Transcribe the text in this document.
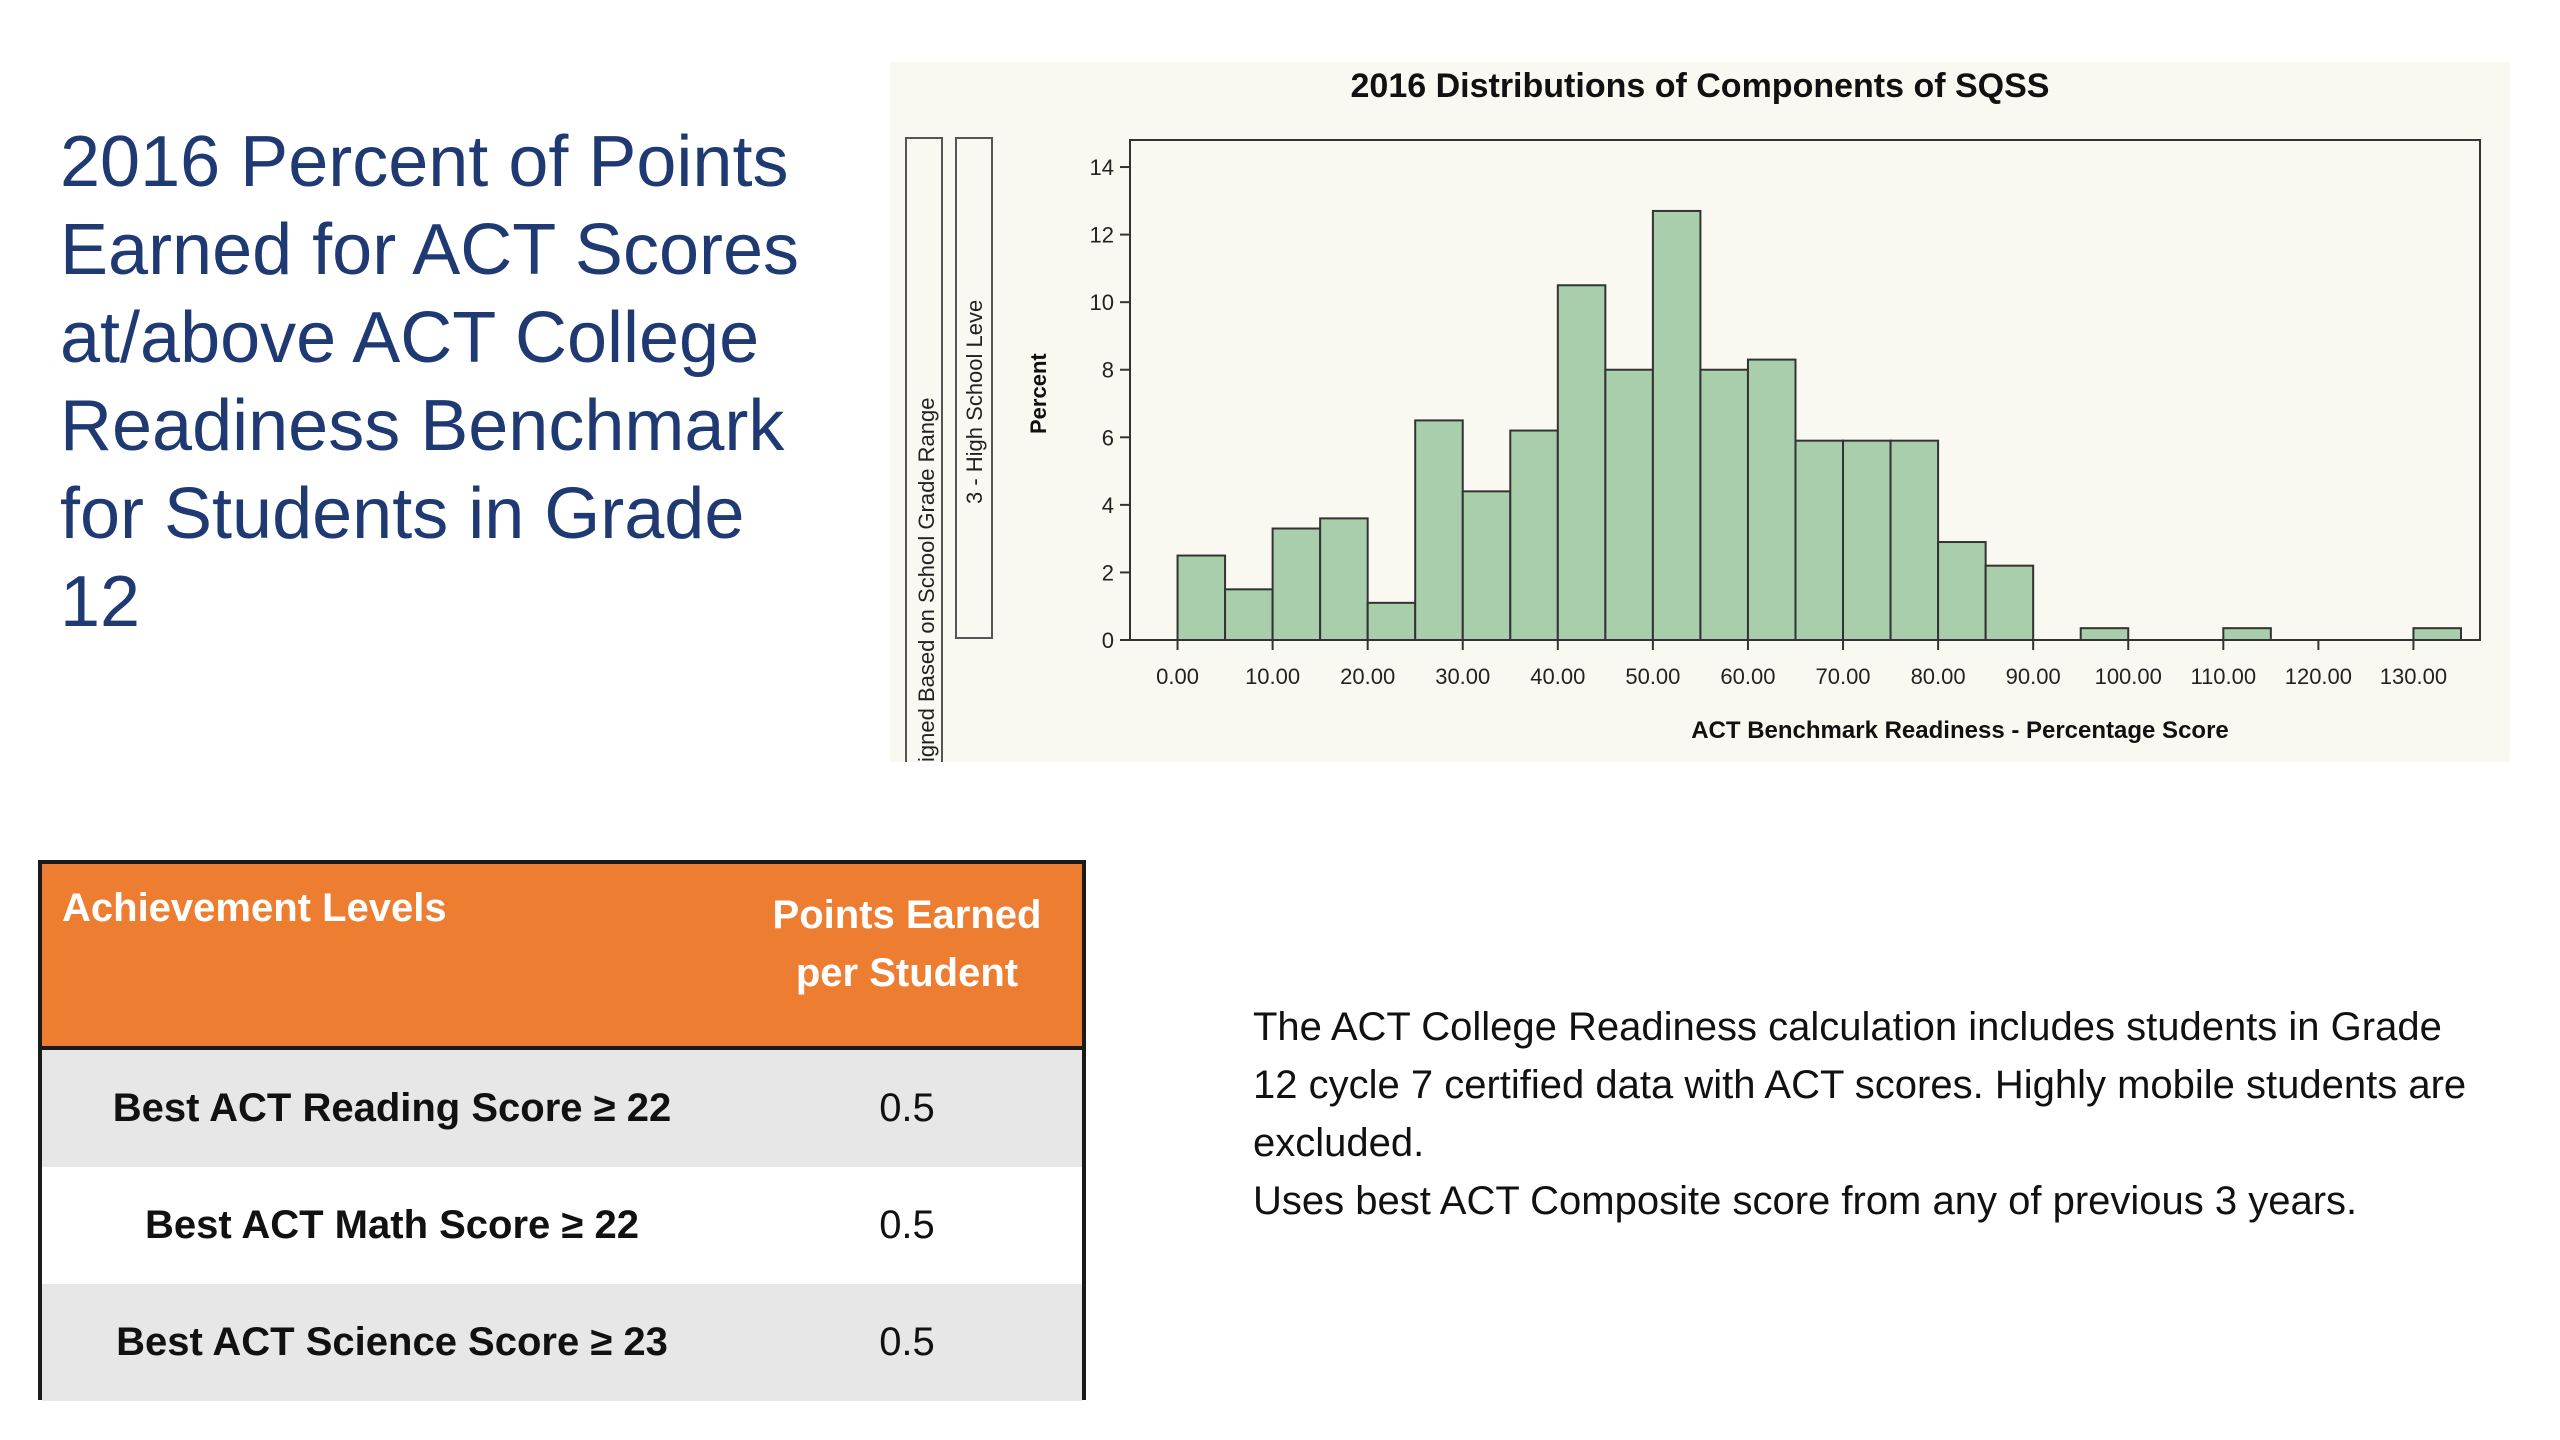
2016 Percent of Points
Earned for ACT Scores
at/above ACT College
Readiness Benchmark
for Students in Grade
12
2016 Distributions of Components of SQSS
igned Based on School Grade Range 3 - High School Leve Percent
0
2
4
6
8
10
12
14
0.00 10.00 20.00 30.00 40.00 50.00 60.00 70.00 80.00 90.00 100.00 110.00 120.00 130.00
ACT Benchmark Readiness - Percentage Score
Achievement Levels	Points Earned
per Student
Best ACT Reading Score ≥ 22	0.5
Best ACT Math Score ≥ 22	0.5
Best ACT Science Score ≥ 23	0.5

The ACT College Readiness calculation includes students in Grade 12 cycle 7 certified data with ACT scores. Highly mobile students are excluded.

Uses best ACT Composite score from any of previous 3 years.
